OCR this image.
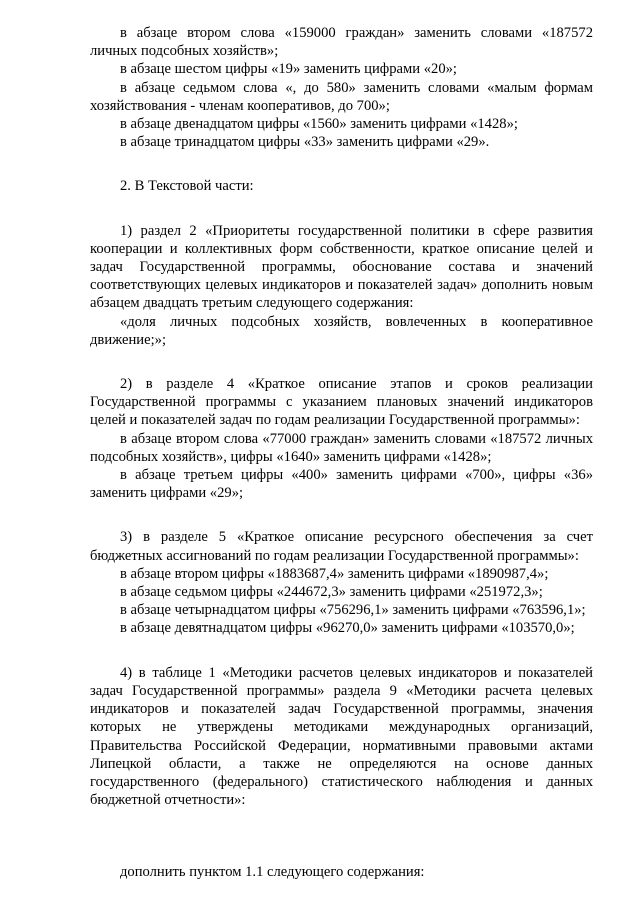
в абзаце втором слова «159000 граждан» заменить словами «187572 личных подсобных хозяйств»;

в абзаце шестом цифры «19» заменить цифрами «20»;

в абзаце седьмом слова «, до 580» заменить словами «малым формам хозяйствования - членам кооперативов, до 700»;

в абзаце двенадцатом цифры «1560» заменить цифрами «1428»;

в абзаце тринадцатом цифры «33» заменить цифрами «29».

2. В Текстовой части:

1) раздел 2 «Приоритеты государственной политики в сфере развития кооперации и коллективных форм собственности, краткое описание целей и задач Государственной программы, обоснование состава и значений соответствующих целевых индикаторов и показателей задач» дополнить новым абзацем двадцать третьим следующего содержания:

«доля личных подсобных хозяйств, вовлеченных в кооперативное движение;»;

2) в разделе 4 «Краткое описание этапов и сроков реализации Государственной программы с указанием плановых значений индикаторов целей и показателей задач по годам реализации Государственной программы»:

в абзаце втором слова «77000 граждан» заменить словами «187572 личных подсобных хозяйств», цифры «1640» заменить цифрами «1428»;

в абзаце третьем цифры «400» заменить цифрами «700», цифры «36» заменить цифрами «29»;

3) в разделе 5 «Краткое описание ресурсного обеспечения за счет бюджетных ассигнований по годам реализации Государственной программы»:

в абзаце втором цифры «1883687,4» заменить цифрами «1890987,4»;

в абзаце седьмом цифры «244672,3» заменить цифрами «251972,3»;

в абзаце четырнадцатом цифры «756296,1» заменить цифрами «763596,1»;

в абзаце девятнадцатом цифры «96270,0» заменить цифрами «103570,0»;

4) в таблице 1 «Методики расчетов целевых индикаторов и показателей задач Государственной программы» раздела 9 «Методики расчета целевых индикаторов и показателей задач Государственной программы, значения которых не утверждены методиками международных организаций, Правительства Российской Федерации, нормативными правовыми актами Липецкой области, а также не определяются на основе данных государственного (федерального) статистического наблюдения и данных бюджетной отчетности»:

дополнить пунктом 1.1 следующего содержания:
